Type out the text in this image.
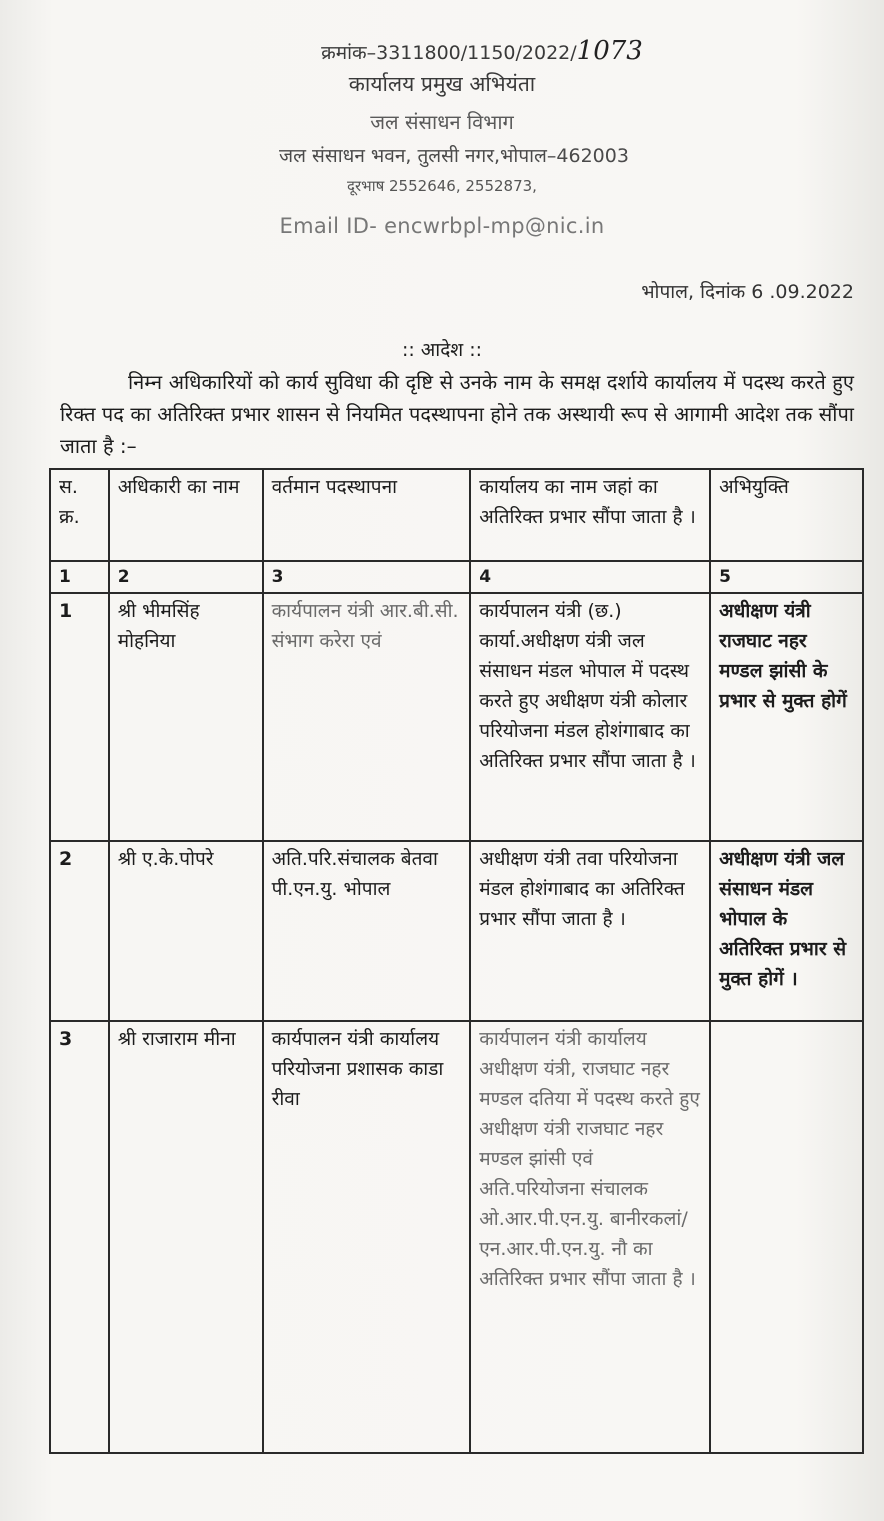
क्रमांक–3311800/1150/2022/1073
कार्यालय प्रमुख अभियंता
जल संसाधन विभाग
जल संसाधन भवन, तुलसी नगर,भोपाल–462003
दूरभाष 2552646, 2552873,
Email ID- encwrbpl-mp@nic.in
भोपाल, दिनांक 6 .09.2022
:: आदेश ::
निम्न अधिकारियों को कार्य सुविधा की दृष्टि से उनके नाम के समक्ष दर्शाये कार्यालय में पदस्थ करते हुए रिक्त पद का अतिरिक्त प्रभार शासन से नियमित पदस्थापना होने तक अस्थायी रूप से आगामी आदेश तक सौंपा जाता है :–
स. क्र.	अधिकारी का नाम	वर्तमान पदस्थापना	कार्यालय का नाम जहां का अतिरिक्त प्रभार सौंपा जाता है ।	अभियुक्ति
1	2	3	4	5
1	श्री भीमसिंह मोहनिया	कार्यपालन यंत्री आर.बी.सी. संभाग करेरा एवं	कार्यपालन यंत्री (छ.) कार्या.अधीक्षण यंत्री जल संसाधन मंडल भोपाल में पदस्थ करते हुए अधीक्षण यंत्री कोलार परियोजना मंडल होशंगाबाद का अतिरिक्त प्रभार सौंपा जाता है ।	अधीक्षण यंत्री राजघाट नहर मण्डल झांसी के प्रभार से मुक्त होगें
2	श्री ए.के.पोपरे	अति.परि.संचालक बेतवा पी.एन.यु. भोपाल	अधीक्षण यंत्री तवा परियोजना मंडल होशंगाबाद का अतिरिक्त प्रभार सौंपा जाता है ।	अधीक्षण यंत्री जल संसाधन मंडल भोपाल के अतिरिक्त प्रभार से मुक्त होगें ।
3	श्री राजाराम मीना	कार्यपालन यंत्री कार्यालय परियोजना प्रशासक काडा रीवा	कार्यपालन यंत्री कार्यालय अधीक्षण यंत्री, राजघाट नहर मण्डल दतिया में पदस्थ करते हुए अधीक्षण यंत्री राजघाट नहर मण्डल झांसी एवं अति.परियोजना संचालक ओ.आर.पी.एन.यु. बानीरकलां/ एन.आर.पी.एन.यु. नौ का अतिरिक्त प्रभार सौंपा जाता है ।	
